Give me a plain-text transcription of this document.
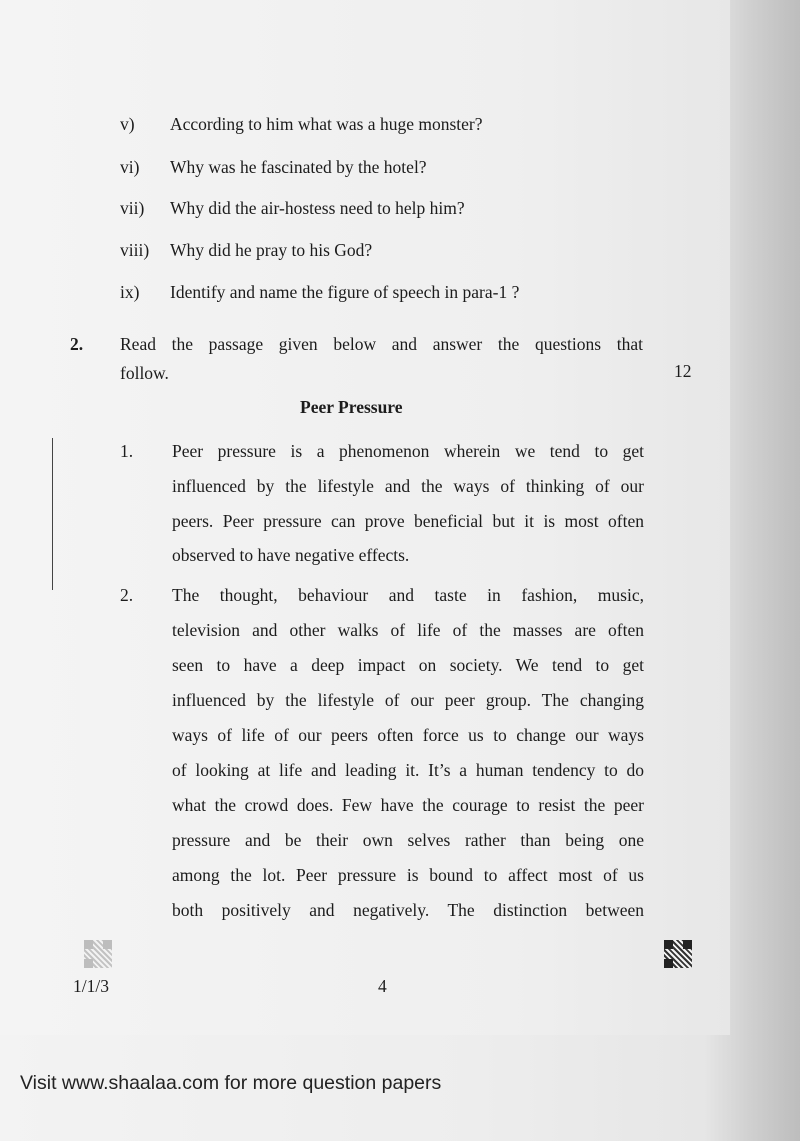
v) According to him what was a huge monster?
vi) Why was he fascinated by the hotel?
vii) Why did the air-hostess need to help him?
viii) Why did he pray to his God?
ix) Identify and name the figure of speech in para-1 ?
2. Read the passage given below and answer the questions that
follow.	12
Peer Pressure
1. Peer pressure is a phenomenon wherein we tend to get
influenced by the lifestyle and the ways of thinking of our
peers. Peer pressure can prove beneficial but it is most often
observed to have negative effects.
2. The thought, behaviour and taste in fashion, music,
television and other walks of life of the masses are often
seen to have a deep impact on society. We tend to get
influenced by the lifestyle of our peer group. The changing
ways of life of our peers often force us to change our ways
of looking at life and leading it. It’s a human tendency to do
what the crowd does. Few have the courage to resist the peer
pressure and be their own selves rather than being one
among the lot. Peer pressure is bound to affect most of us
both positively and negatively. The distinction between
1/1/3	4
Visit www.shaalaa.com for more question papers
